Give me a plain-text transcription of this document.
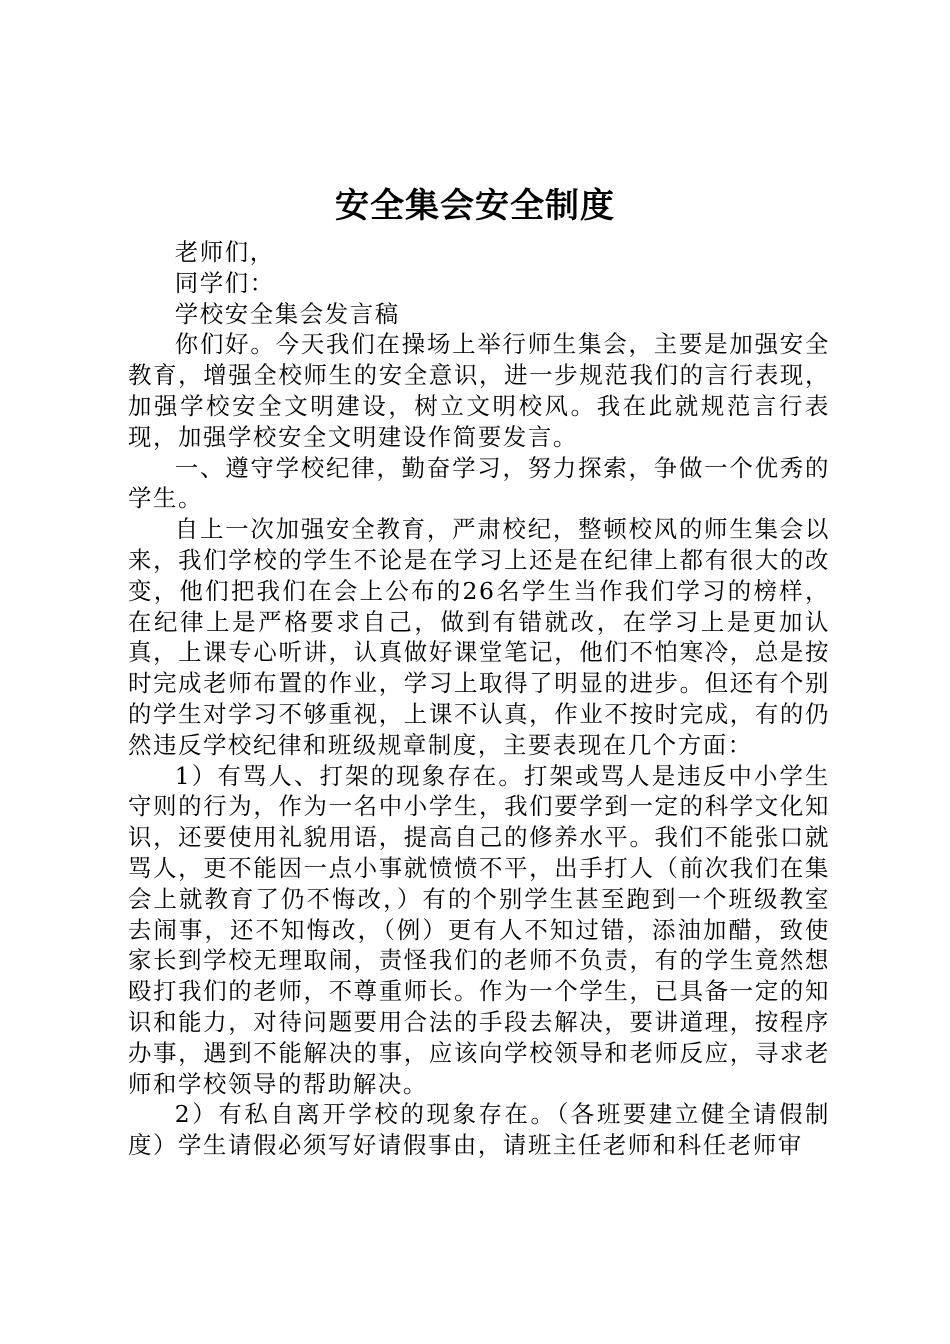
安全集会安全制度

老师们，

同学们：

学校安全集会发言稿

你们好。今天我们在操场上举行师生集会，主要是加强安全教育，增强全校师生的安全意识，进一步规范我们的言行表现，加强学校安全文明建设，树立文明校风。我在此就规范言行表现，加强学校安全文明建设作简要发言。

一、遵守学校纪律，勤奋学习，努力探索，争做一个优秀的学生。

自上一次加强安全教育，严肃校纪，整顿校风的师生集会以来，我们学校的学生不论是在学习上还是在纪律上都有很大的改变，他们把我们在会上公布的26名学生当作我们学习的榜样，在纪律上是严格要求自己，做到有错就改，在学习上是更加认真，上课专心听讲，认真做好课堂笔记，他们不怕寒冷，总是按时完成老师布置的作业，学习上取得了明显的进步。但还有个别的学生对学习不够重视，上课不认真，作业不按时完成，有的仍然违反学校纪律和班级规章制度，主要表现在几个方面：

1）有骂人、打架的现象存在。打架或骂人是违反中小学生守则的行为，作为一名中小学生，我们要学到一定的科学文化知识，还要使用礼貌用语，提高自己的修养水平。我们不能张口就骂人，更不能因一点小事就愤愤不平，出手打人（前次我们在集会上就教育了仍不悔改，）有的个别学生甚至跑到一个班级教室去闹事，还不知悔改，（例）更有人不知过错，添油加醋，致使家长到学校无理取闹，责怪我们的老师不负责，有的学生竟然想殴打我们的老师，不尊重师长。作为一个学生，已具备一定的知识和能力，对待问题要用合法的手段去解决，要讲道理，按程序办事，遇到不能解决的事，应该向学校领导和老师反应，寻求老师和学校领导的帮助解决。

2）有私自离开学校的现象存在。（各班要建立健全请假制度）学生请假必须写好请假事由，请班主任老师和科任老师审
